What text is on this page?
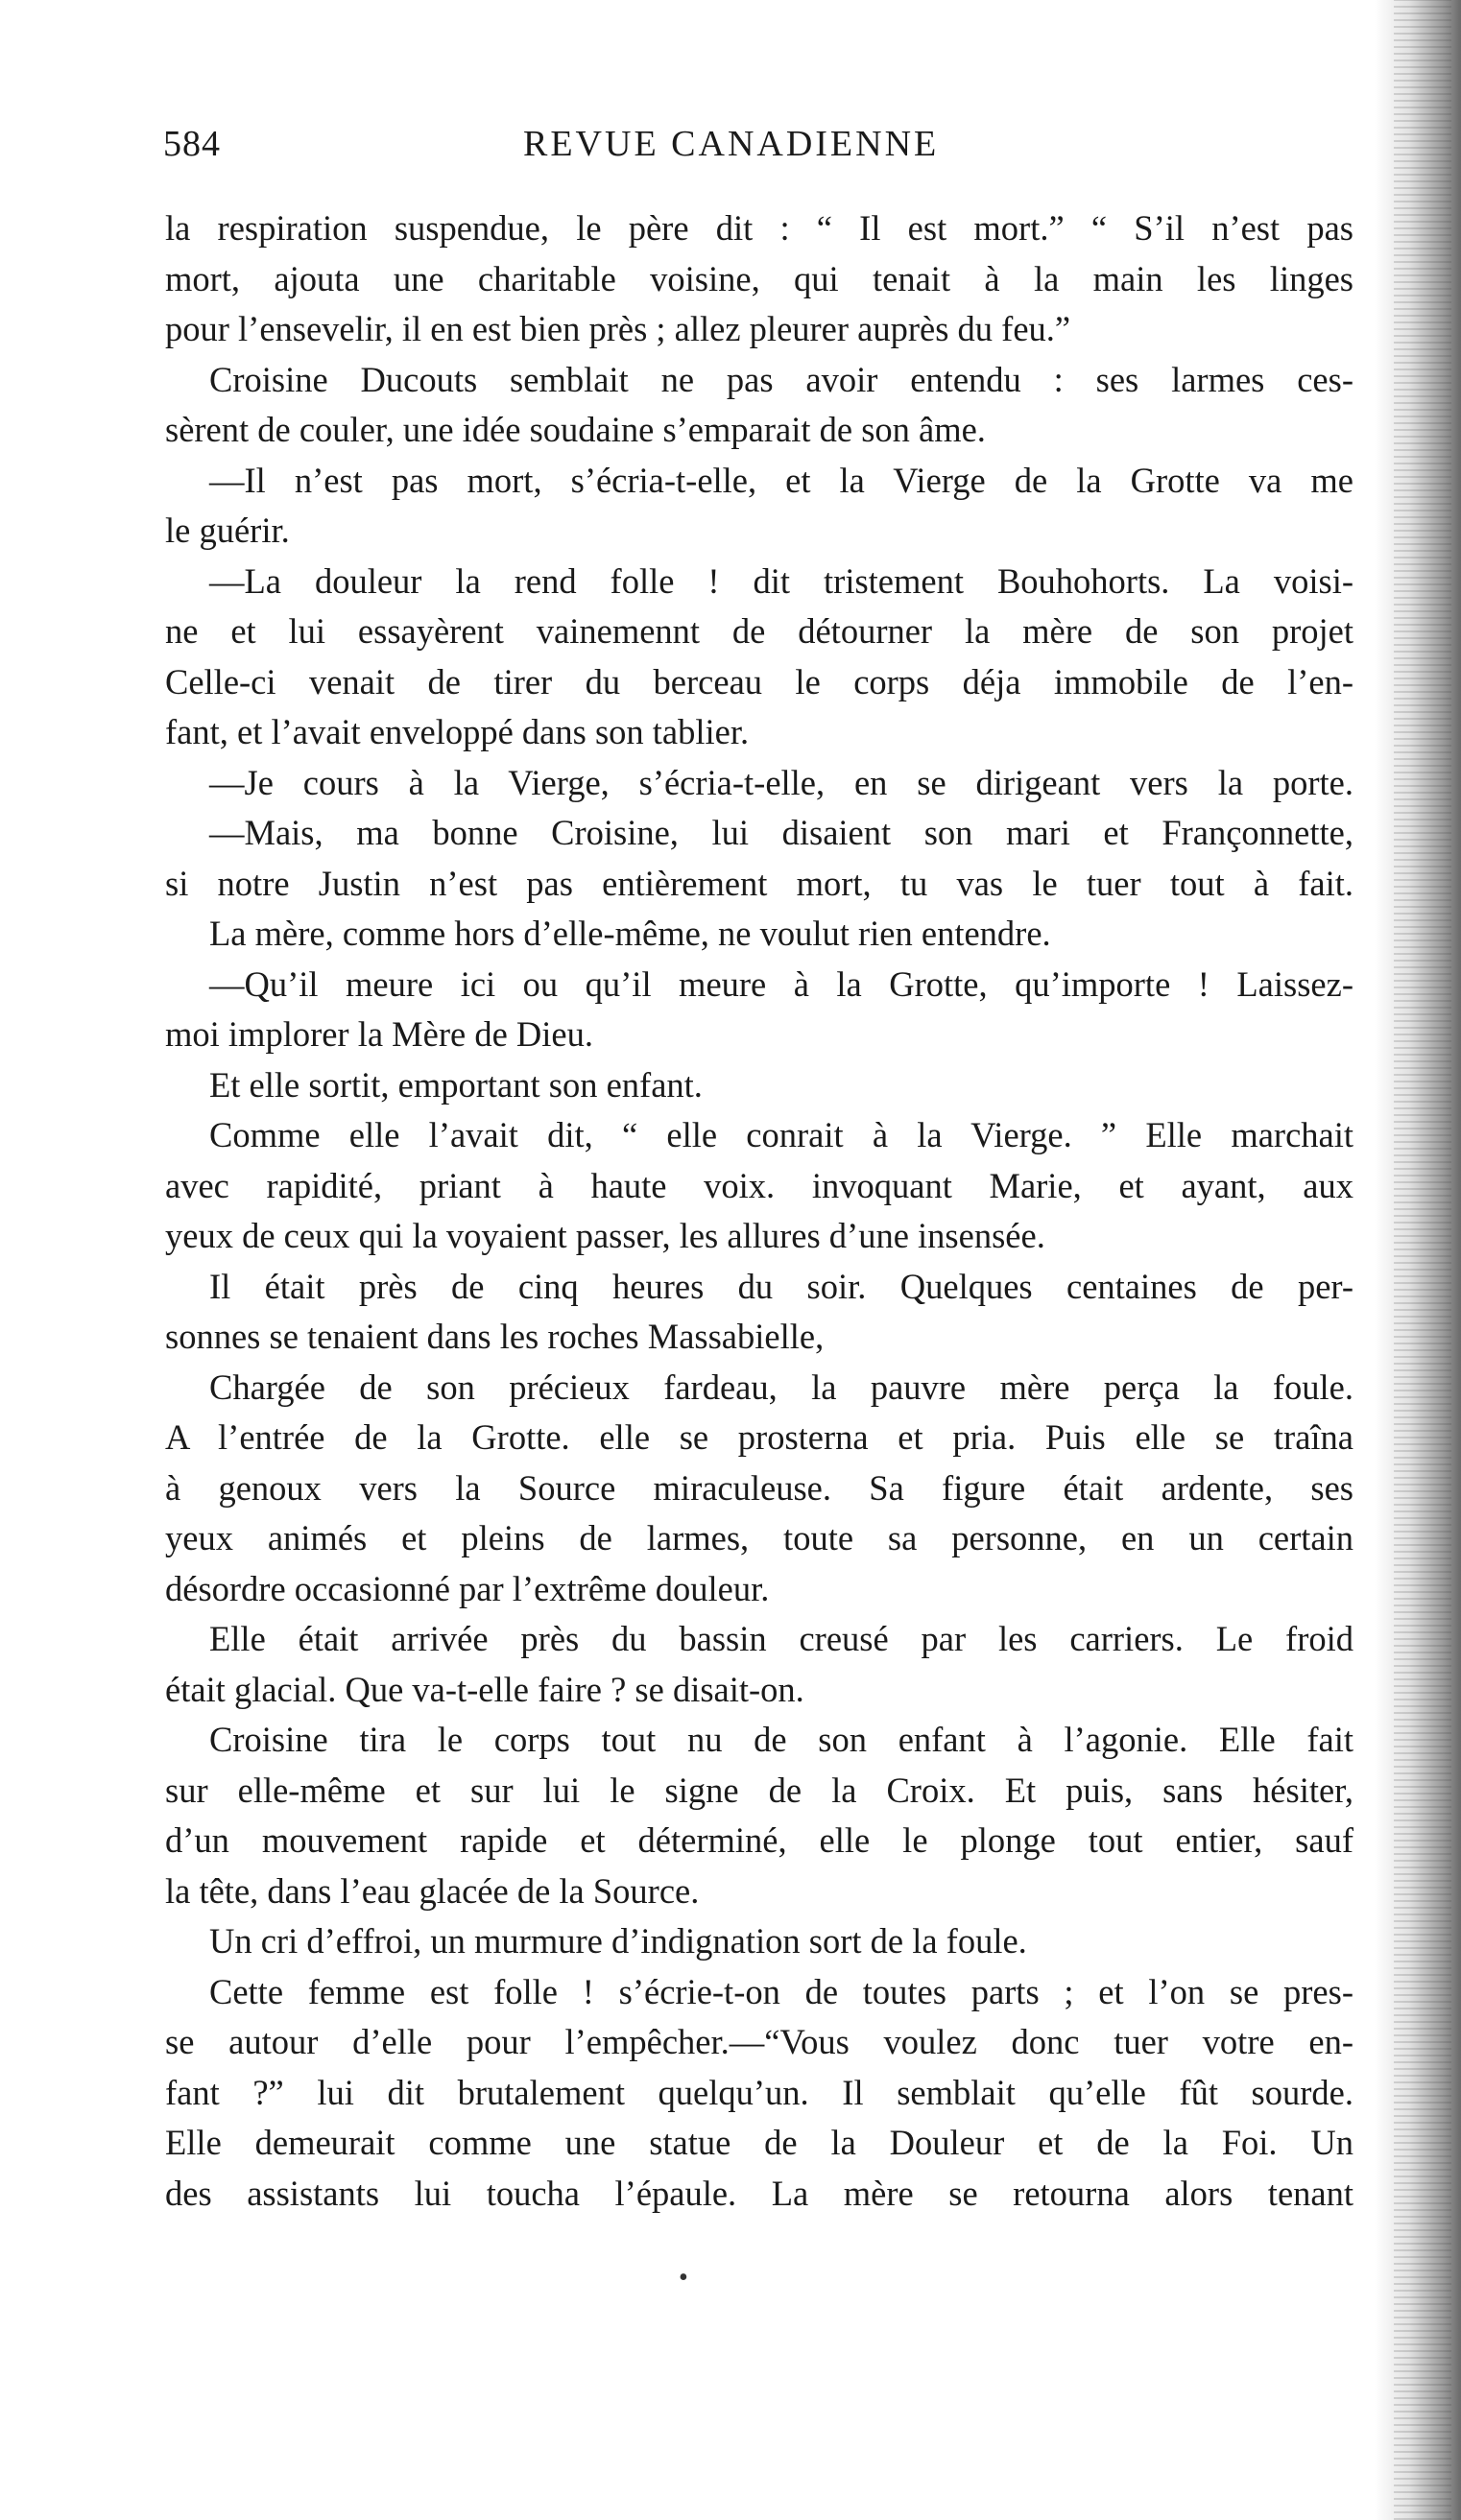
584	REVUE CANADIENNE
la respiration suspendue, le père dit : “ Il est mort.” “ S’il n’est pas
mort, ajouta une charitable voisine, qui tenait à la main les linges
pour l’ensevelir, il en est bien près ; allez pleurer auprès du feu.”
Croisine Ducouts semblait ne pas avoir entendu : ses larmes ces-
sèrent de couler, une idée soudaine s’emparait de son âme.
—Il n’est pas mort, s’écria-t-elle, et la Vierge de la Grotte va me
le guérir.
—La douleur la rend folle ! dit tristement Bouhohorts. La voisi-
ne et lui essayèrent vainemennt de détourner la mère de son projet
Celle-ci venait de tirer du berceau le corps déja immobile de l’en-
fant, et l’avait enveloppé dans son tablier.
—Je cours à la Vierge, s’écria-t-elle, en se dirigeant vers la porte.
—Mais, ma bonne Croisine, lui disaient son mari et Françonnette,
si notre Justin n’est pas entièrement mort, tu vas le tuer tout à fait.
La mère, comme hors d’elle-même, ne voulut rien entendre.
—Qu’il meure ici ou qu’il meure à la Grotte, qu’importe ! Laissez-
moi implorer la Mère de Dieu.
Et elle sortit, emportant son enfant.
Comme elle l’avait dit, “ elle conrait à la Vierge. ” Elle marchait
avec rapidité, priant à haute voix. invoquant Marie, et ayant, aux
yeux de ceux qui la voyaient passer, les allures d’une insensée.
Il était près de cinq heures du soir. Quelques centaines de per-
sonnes se tenaient dans les roches Massabielle,
Chargée de son précieux fardeau, la pauvre mère perça la foule.
A l’entrée de la Grotte. elle se prosterna et pria. Puis elle se traîna
à genoux vers la Source miraculeuse. Sa figure était ardente, ses
yeux animés et pleins de larmes, toute sa personne, en un certain
désordre occasionné par l’extrême douleur.
Elle était arrivée près du bassin creusé par les carriers. Le froid
était glacial. Que va-t-elle faire ? se disait-on.
Croisine tira le corps tout nu de son enfant à l’agonie. Elle fait
sur elle-même et sur lui le signe de la Croix. Et puis, sans hésiter,
d’un mouvement rapide et déterminé, elle le plonge tout entier, sauf
la tête, dans l’eau glacée de la Source.
Un cri d’effroi, un murmure d’indignation sort de la foule.
Cette femme est folle ! s’écrie-t-on de toutes parts ; et l’on se pres-
se autour d’elle pour l’empêcher.—“Vous voulez donc tuer votre en-
fant ?” lui dit brutalement quelqu’un. Il semblait qu’elle fût sourde.
Elle demeurait comme une statue de la Douleur et de la Foi. Un
des assistants lui toucha l’épaule. La mère se retourna alors tenant
•
